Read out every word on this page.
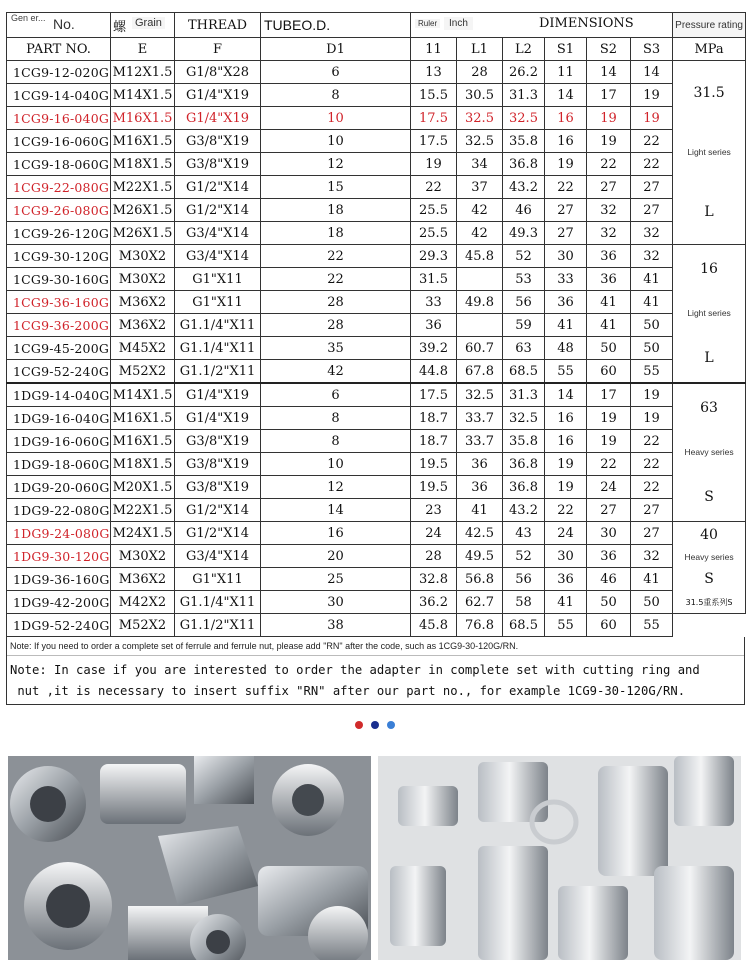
Gen er... No.	螺 Grain	THREAD	TUBEO.D.	Ruler Inch DIMENSIONS						Pressure rating
PART NO.	E	F	D1	11	L1	L2	S1	S2	S3	MPa
1CG9-12-020G	M12X1.5	G1/8"X28	6	13	28	26.2	11	14	14	31.5
Light series
L

1CG9-14-040G	M14X1.5	G1/4"X19	8	15.5	30.5	31.3	14	17	19	
1CG9-16-040G	M16X1.5	G1/4"X19	10	17.5	32.5	32.5	16	19	19	
1CG9-16-060G	M16X1.5	G3/8"X19	10	17.5	32.5	35.8	16	19	22	
1CG9-18-060G	M18X1.5	G3/8"X19	12	19	34	36.8	19	22	22	
1CG9-22-080G	M22X1.5	G1/2"X14	15	22	37	43.2	22	27	27	
1CG9-26-080G	M26X1.5	G1/2"X14	18	25.5	42	46	27	32	27	
1CG9-26-120G	M26X1.5	G3/4"X14	18	25.5	42	49.3	27	32	32	
1CG9-30-120G	M30X2	G3/4"X14	22	29.3	45.8	52	30	36	32	16
Light series
L

1CG9-30-160G	M30X2	G1"X11	22	31.5		53	33	36	41	
1CG9-36-160G	M36X2	G1"X11	28	33	49.8	56	36	41	41	
1CG9-36-200G	M36X2	G1.1/4"X11	28	36		59	41	41	50	
1CG9-45-200G	M45X2	G1.1/4"X11	35	39.2	60.7	63	48	50	50	
1CG9-52-240G	M52X2	G1.1/2"X11	42	44.8	67.8	68.5	55	60	55	
1DG9-14-040G	M14X1.5	G1/4"X19	6	17.5	32.5	31.3	14	17	19	63
Heavy series
S

1DG9-16-040G	M16X1.5	G1/4"X19	8	18.7	33.7	32.5	16	19	19	
1DG9-16-060G	M16X1.5	G3/8"X19	8	18.7	33.7	35.8	16	19	22	
1DG9-18-060G	M18X1.5	G3/8"X19	10	19.5	36	36.8	19	22	22	
1DG9-20-060G	M20X1.5	G3/8"X19	12	19.5	36	36.8	19	24	22	
1DG9-22-080G	M22X1.5	G1/2"X14	14	23	41	43.2	22	27	27	
1DG9-24-080G	M24X1.5	G1/2"X14	16	24	42.5	43	24	30	27	40
Heavy series
S
31.5重系列S

1DG9-30-120G	M30X2	G3/4"X14	20	28	49.5	52	30	36	32	
1DG9-36-160G	M36X2	G1"X11	25	32.8	56.8	56	36	46	41	
1DG9-42-200G	M42X2	G1.1/4"X11	30	36.2	62.7	58	41	50	50	
1DG9-52-240G	M52X2	G1.1/2"X11	38	45.8	76.8	68.5	55	60	55	
Note: If you need to order a complete set of ferrule and ferrule nut, please add "RN" after the code, such as 1CG9-30-120G/RN.
Note: In case if you are interested to order the adapter in complete set with cutting ring and
nut ,it is necessary to insert suffix "RN" after our part no., for example 1CG9-30-120G/RN.
